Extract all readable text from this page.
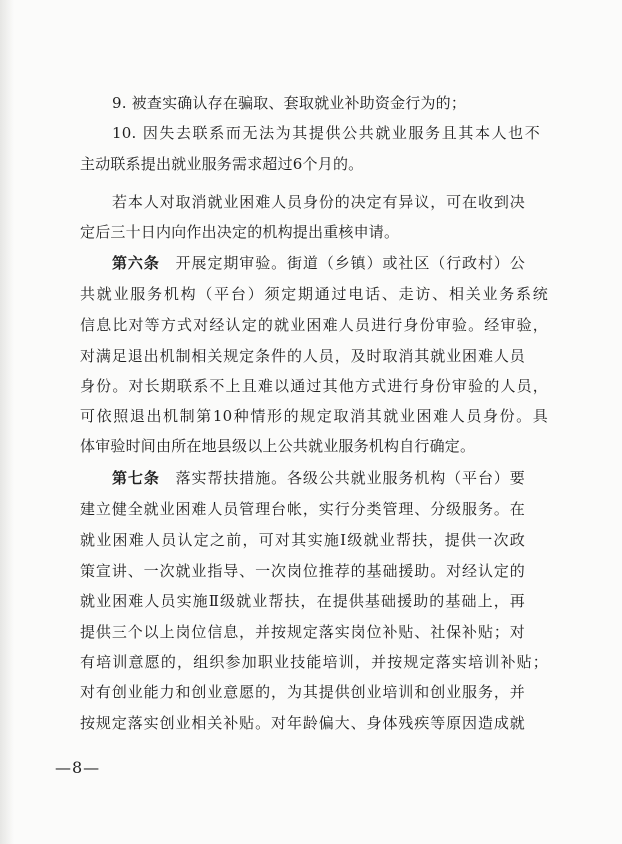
9. 被查实确认存在骗取、套取就业补助资金行为的；
10. 因失去联系而无法为其提供公共就业服务且其本人也不
主动联系提出就业服务需求超过6个月的。
若本人对取消就业困难人员身份的决定有异议，可在收到决
定后三十日内向作出决定的机构提出重核申请。
第六条　开展定期审验。街道（乡镇）或社区（行政村）公
共就业服务机构（平台）须定期通过电话、走访、相关业务系统
信息比对等方式对经认定的就业困难人员进行身份审验。经审验，
对满足退出机制相关规定条件的人员，及时取消其就业困难人员
身份。对长期联系不上且难以通过其他方式进行身份审验的人员，
可依照退出机制第10种情形的规定取消其就业困难人员身份。具
体审验时间由所在地县级以上公共就业服务机构自行确定。
第七条　落实帮扶措施。各级公共就业服务机构（平台）要
建立健全就业困难人员管理台帐，实行分类管理、分级服务。在
就业困难人员认定之前，可对其实施Ⅰ级就业帮扶，提供一次政
策宣讲、一次就业指导、一次岗位推荐的基础援助。对经认定的
就业困难人员实施Ⅱ级就业帮扶，在提供基础援助的基础上，再
提供三个以上岗位信息，并按规定落实岗位补贴、社保补贴；对
有培训意愿的，组织参加职业技能培训，并按规定落实培训补贴；
对有创业能力和创业意愿的，为其提供创业培训和创业服务，并
按规定落实创业相关补贴。对年龄偏大、身体残疾等原因造成就
—8—
